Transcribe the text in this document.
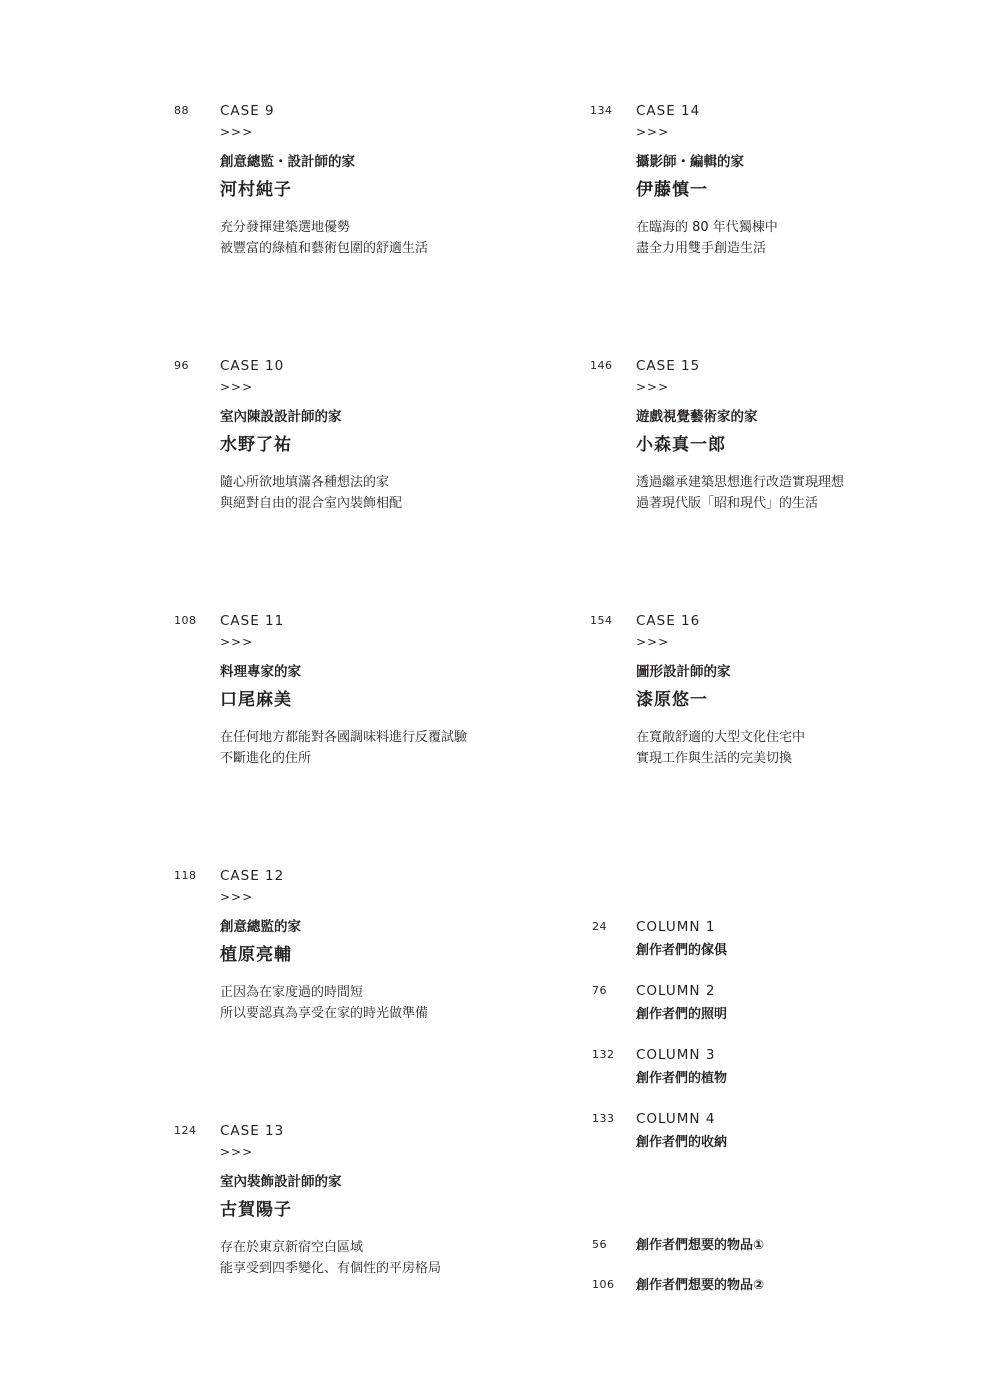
88 CASE 9
>>>
創意總監・設計師的家
河村純子
充分發揮建築選地優勢
被豐富的綠植和藝術包圍的舒適生活
134 CASE 14
>>>
攝影師・編輯的家
伊藤慎一
在臨海的 80 年代獨棟中
盡全力用雙手創造生活
96 CASE 10
>>>
室內陳設設計師的家
水野了祐
隨心所欲地填滿各種想法的家
與絕對自由的混合室內裝飾相配
146 CASE 15
>>>
遊戲視覺藝術家的家
小森真一郎
透過繼承建築思想進行改造實現理想
過著現代版「昭和現代」的生活
108 CASE 11
>>>
料理專家的家
口尾麻美
在任何地方都能對各國調味料進行反覆試驗
不斷進化的住所
154 CASE 16
>>>
圖形設計師的家
漆原悠一
在寬敞舒適的大型文化住宅中
實現工作與生活的完美切換
118 CASE 12
>>>
創意總監的家
植原亮輔
正因為在家度過的時間短
所以要認真為享受在家的時光做準備
124 CASE 13
>>>
室內裝飾設計師的家
古賀陽子
存在於東京新宿空白區域
能享受到四季變化、有個性的平房格局
24 COLUMN 1
創作者們的傢俱
76 COLUMN 2
創作者們的照明
132 COLUMN 3
創作者們的植物
133 COLUMN 4
創作者們的收納
56 創作者們想要的物品①
106 創作者們想要的物品②
